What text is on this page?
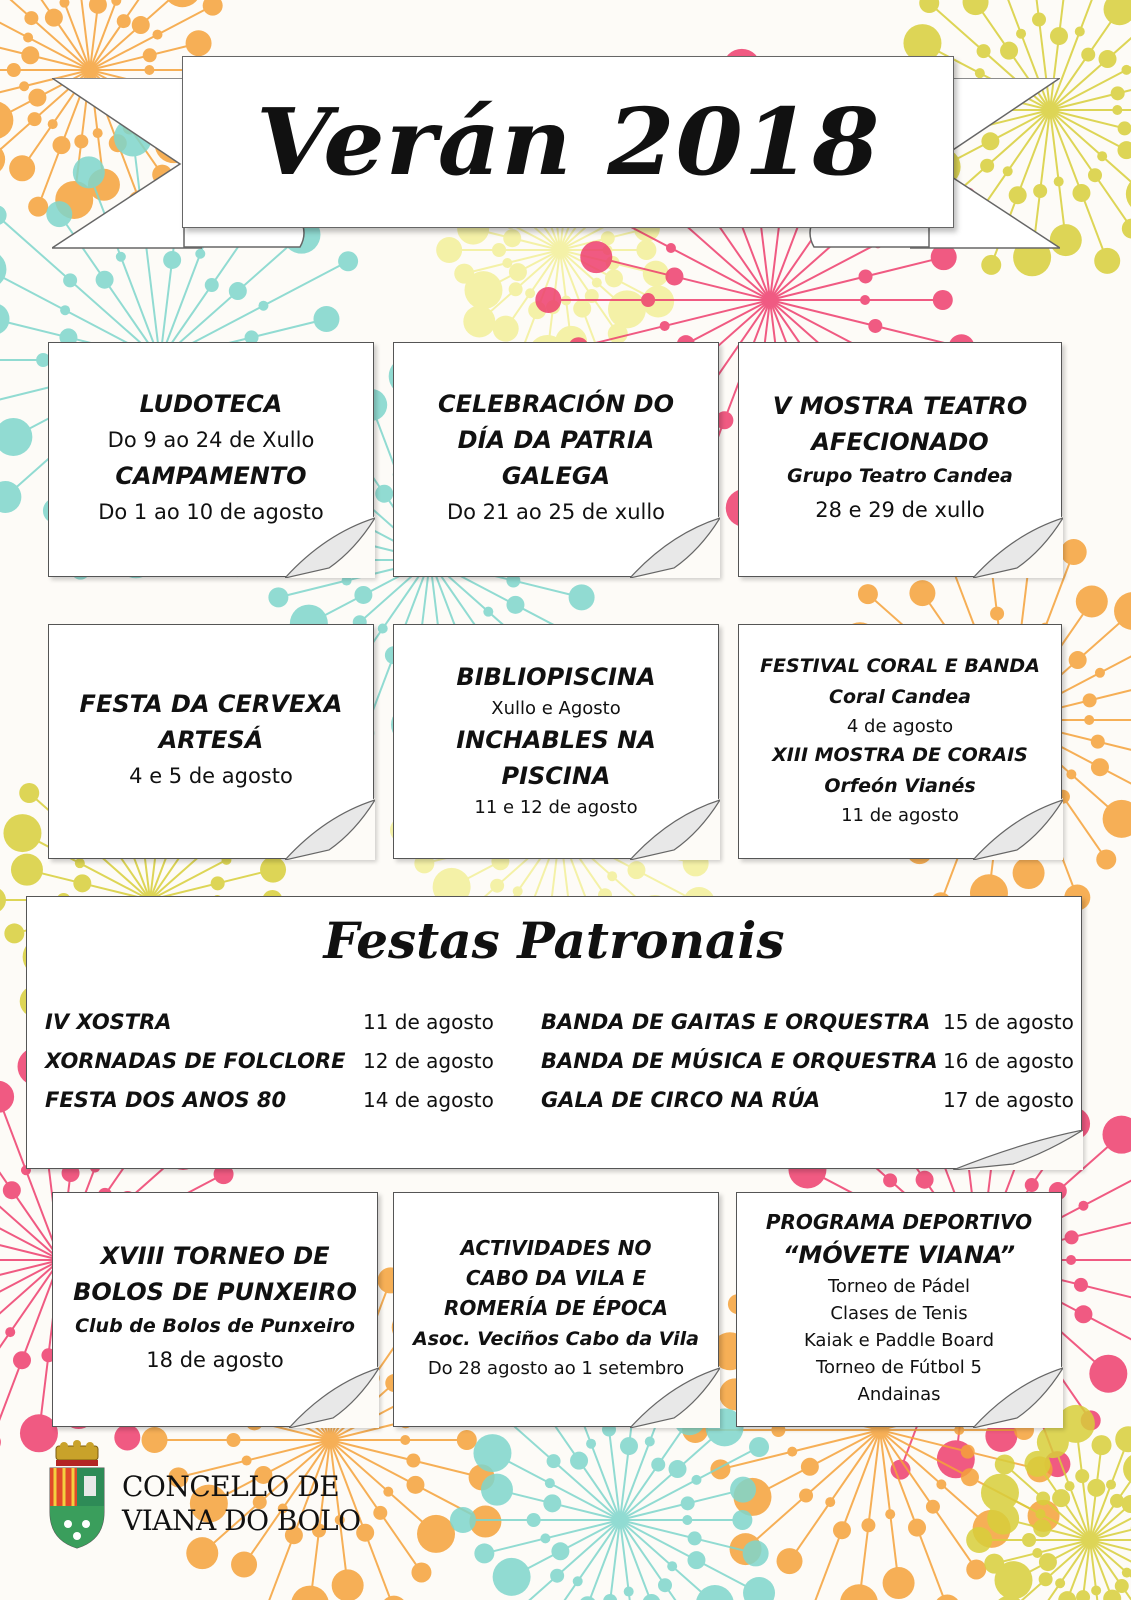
Verán 2018
LUDOTECA
Do 9 ao 24 de Xullo
CAMPAMENTO
Do 1 ao 10 de agosto
CELEBRACIÓN DO
DÍA DA PATRIA
GALEGA
Do 21 ao 25 de xullo
V MOSTRA TEATRO
AFECIONADO
Grupo Teatro Candea
28 e 29 de xullo
FESTA DA CERVEXA
ARTESÁ
4 e 5 de agosto
BIBLIOPISCINA
Xullo e Agosto
INCHABLES NA
PISCINA
11 e 12 de agosto
FESTIVAL CORAL E BANDA
Coral Candea
4 de agosto
XIII MOSTRA DE CORAIS
Orfeón Vianés
11 de agosto
Festas Patronais
IV XOSTRA	11 de agosto
XORNADAS DE FOLCLORE 12 de agosto
FESTA DOS ANOS 80	14 de agosto
BANDA DE GAITAS E ORQUESTRA 15 de agosto
BANDA DE MÚSICA E ORQUESTRA 16 de agosto
GALA DE CIRCO NA RÚA	17 de agosto
XVIII TORNEO DE
BOLOS DE PUNXEIRO
Club de Bolos de Punxeiro
18 de agosto
ACTIVIDADES NO
CABO DA VILA E
ROMERÍA DE ÉPOCA
Asoc. Veciños Cabo da Vila
Do 28 agosto ao 1 setembro
PROGRAMA DEPORTIVO
“MÓVETE VIANA”
Torneo de Pádel
Clases de Tenis
Kaiak e Paddle Board
Torneo de Fútbol 5
Andainas
CONCELLO DE
VIANA DO BOLO
